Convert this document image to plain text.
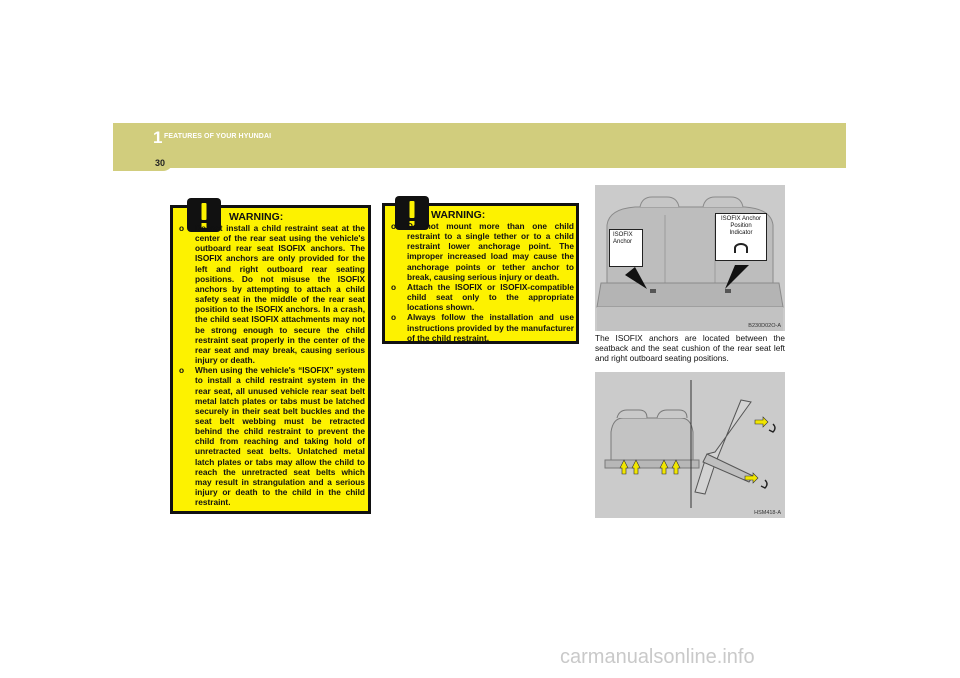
1 FEATURES OF YOUR HYUNDAI
30
WARNING:
o Do not install a child restraint seat at the center of the rear seat using the vehicle's outboard rear seat ISOFIX anchors. The ISOFIX anchors are only provided for the left and right outboard rear seating positions. Do not misuse the ISOFIX anchors by attempting to attach a child safety seat in the middle of the rear seat position to the ISOFIX anchors. In a crash, the child seat ISOFIX attachments may not be strong enough to secure the child restraint seat properly in the center of the rear seat and may break, causing serious injury or death.
o When using the vehicle's “ISOFIX” system to install a child restraint system in the rear seat, all unused vehicle rear seat belt metal latch plates or tabs must be latched securely in their seat belt buckles and the seat belt webbing must be retracted behind the child restraint to prevent the child from reaching and taking hold of unretracted seat belts. Unlatched metal latch plates or tabs may allow the child to reach the unretracted seat belts which may result in strangulation and a serious injury or death to the child in the child restraint.
WARNING:
o Do not mount more than one child restraint to a single tether or to a child restraint lower anchorage point. The improper increased load may cause the anchorage points or tether anchor to break, causing serious injury or death.
o Attach the ISOFIX or ISOFIX-compatible child seat only to the appropriate locations shown.
o Always follow the installation and use instructions provided by the manufacturer of the child restraint.
ISOFIX Anchor
ISOFIX Anchor Position Indicator
B230D02O-A
The ISOFIX anchors are located between the seatback and the seat cushion of the rear seat left and right outboard seating positions.
HSM418-A
carmanualsonline.info
